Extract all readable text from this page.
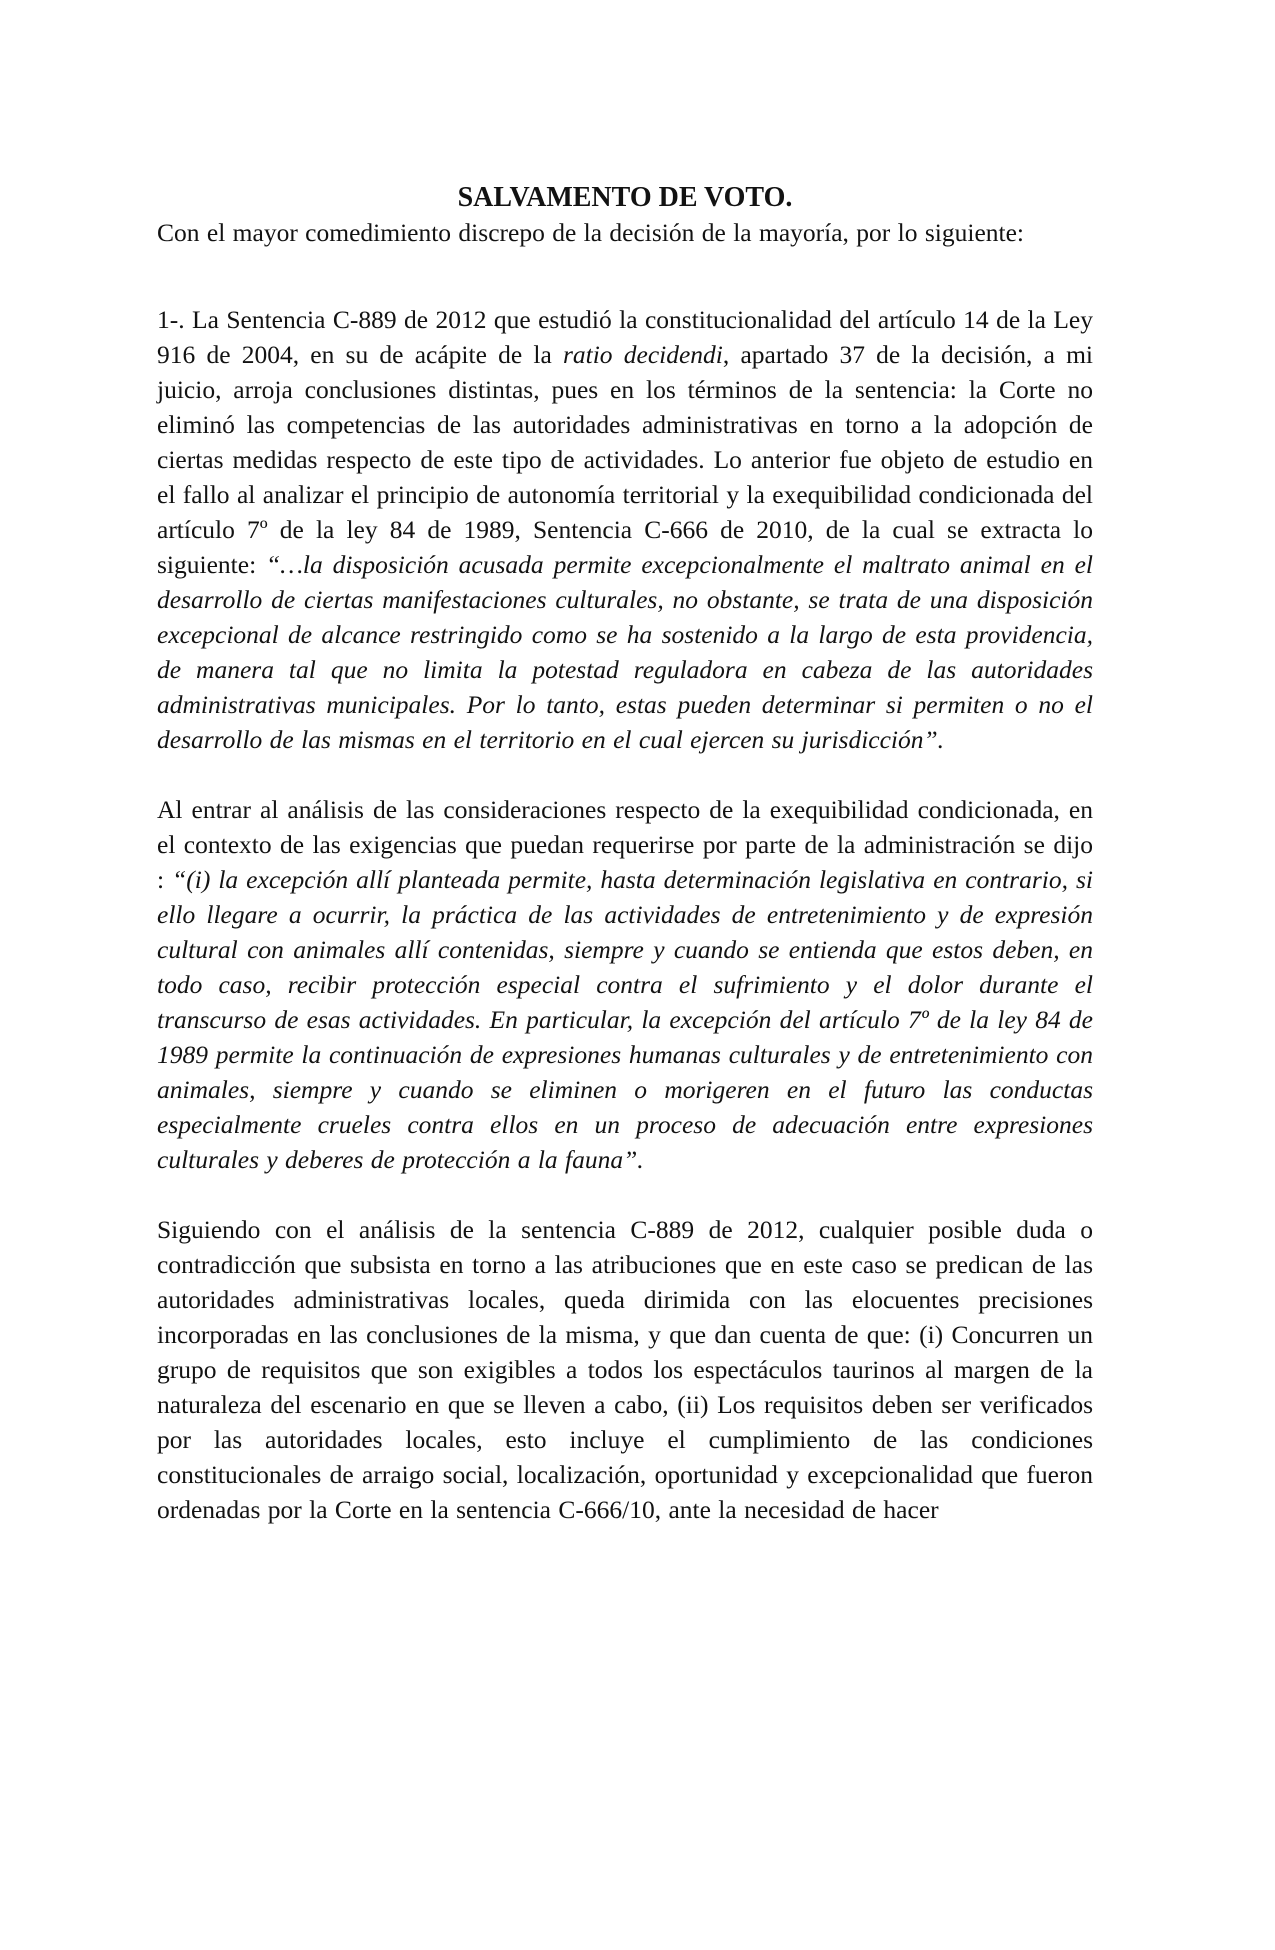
SALVAMENTO DE VOTO.

Con el mayor comedimiento discrepo de la decisión de la mayoría, por lo siguiente:

1-. La Sentencia C-889 de 2012 que estudió la constitucionalidad del artículo 14 de la Ley 916 de 2004, en su de acápite de la ratio decidendi, apartado 37 de la decisión, a mi juicio, arroja conclusiones distintas, pues en los términos de la sentencia: la Corte no eliminó las competencias de las autoridades administrativas en torno a la adopción de ciertas medidas respecto de este tipo de actividades. Lo anterior fue objeto de estudio en el fallo al analizar el principio de autonomía territorial y la exequibilidad condicionada del artículo 7º de la ley 84 de 1989, Sentencia C-666 de 2010, de la cual se extracta lo siguiente: “…la disposición acusada permite excepcionalmente el maltrato animal en el desarrollo de ciertas manifestaciones culturales, no obstante, se trata de una disposición excepcional de alcance restringido como se ha sostenido a la largo de esta providencia, de manera tal que no limita la potestad reguladora en cabeza de las autoridades administrativas municipales. Por lo tanto, estas pueden determinar si permiten o no el desarrollo de las mismas en el territorio en el cual ejercen su jurisdicción”.

Al entrar al análisis de las consideraciones respecto de la exequibilidad condicionada, en el contexto de las exigencias que puedan requerirse por parte de la administración se dijo : “(i) la excepción allí planteada permite, hasta determinación legislativa en contrario, si ello llegare a ocurrir, la práctica de las actividades de entretenimiento y de expresión cultural con animales allí contenidas, siempre y cuando se entienda que estos deben, en todo caso, recibir protección especial contra el sufrimiento y el dolor durante el transcurso de esas actividades. En particular, la excepción del artículo 7º de la ley 84 de 1989 permite la continuación de expresiones humanas culturales y de entretenimiento con animales, siempre y cuando se eliminen o morigeren en el futuro las conductas especialmente crueles contra ellos en un proceso de adecuación entre expresiones culturales y deberes de protección a la fauna”.

Siguiendo con el análisis de la sentencia C-889 de 2012, cualquier posible duda o contradicción que subsista en torno a las atribuciones que en este caso se predican de las autoridades administrativas locales, queda dirimida con las elocuentes precisiones incorporadas en las conclusiones de la misma, y que dan cuenta de que: (i) Concurren un grupo de requisitos que son exigibles a todos los espectáculos taurinos al margen de la naturaleza del escenario en que se lleven a cabo, (ii) Los requisitos deben ser verificados por las autoridades locales, esto incluye el cumplimiento de las condiciones constitucionales de arraigo social, localización, oportunidad y excepcionalidad que fueron ordenadas por la Corte en la sentencia C-666/10, ante la necesidad de hacer
